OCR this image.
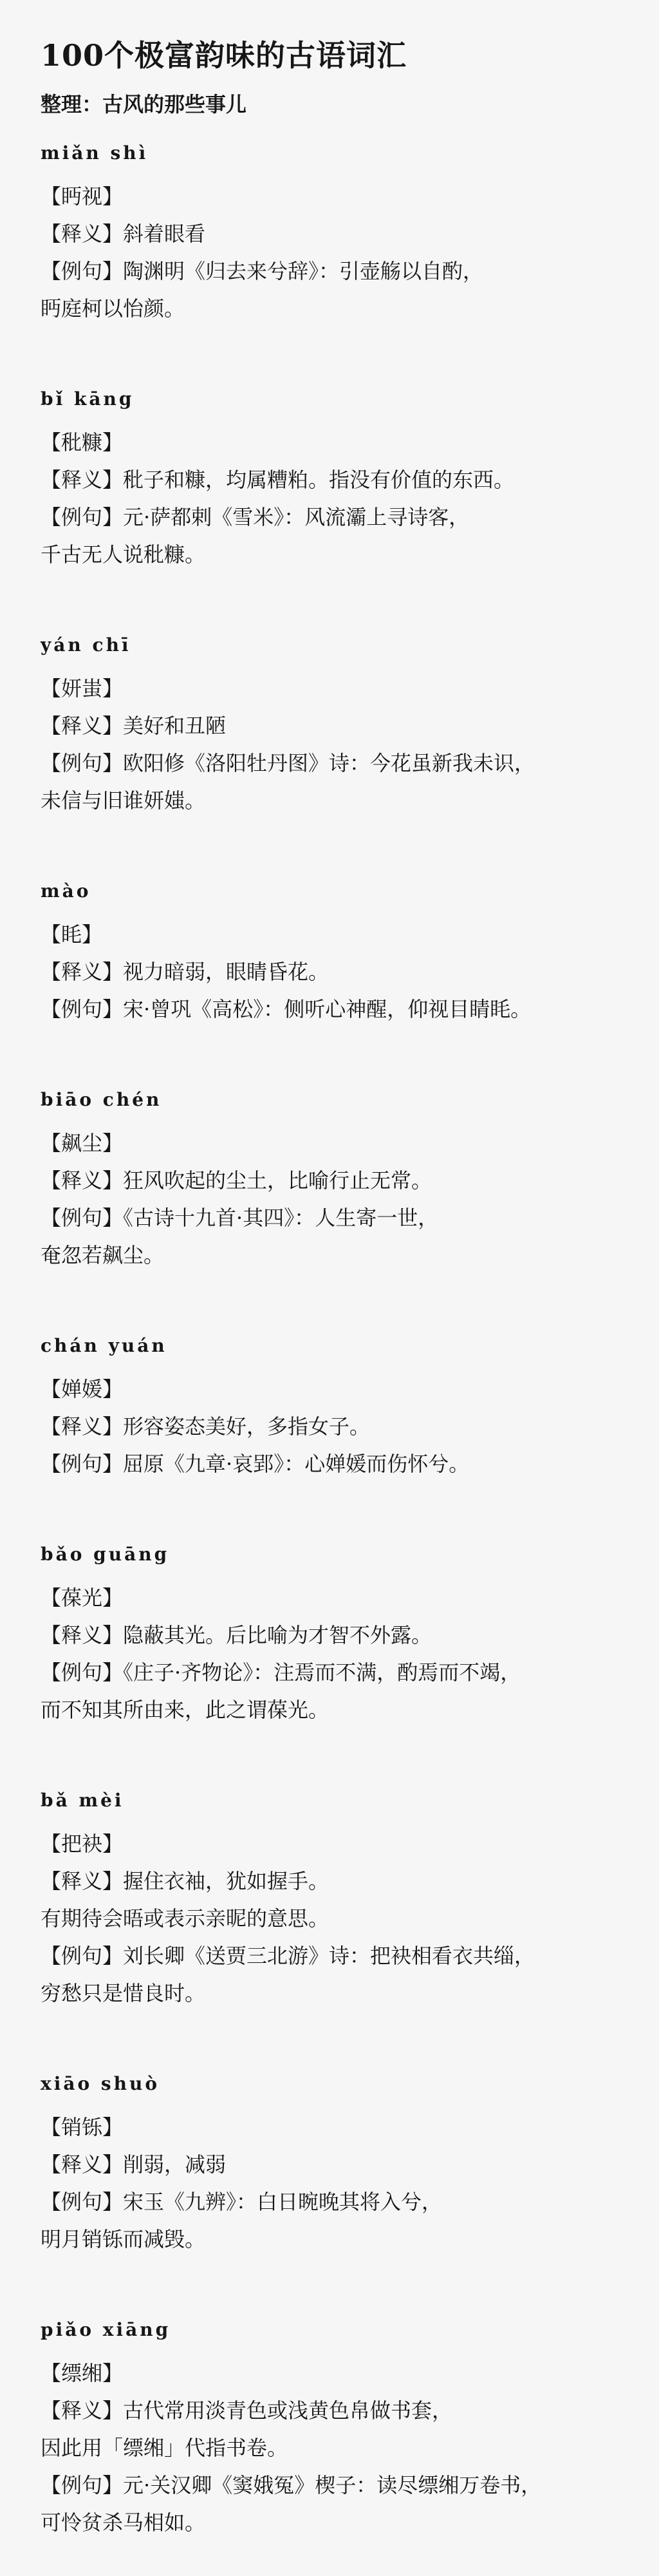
100个极富韵味的古语词汇
整理：古风的那些事儿
miǎn shì
【眄视】
【释义】斜着眼看
【例句】陶渊明《归去来兮辞》：引壶觞以自酌，
眄庭柯以怡颜。
bǐ kāng
【秕糠】
【释义】秕子和糠，均属糟粕。指没有价值的东西。
【例句】元·萨都剌《雪米》：风流灞上寻诗客，
千古无人说秕糠。
yán chī
【妍蚩】
【释义】美好和丑陋
【例句】欧阳修《洛阳牡丹图》诗：今花虽新我未识，
未信与旧谁妍媸。
mào
【眊】
【释义】视力暗弱，眼睛昏花。
【例句】宋·曾巩《高松》：侧听心神醒，仰视目睛眊。
biāo chén
【飙尘】
【释义】狂风吹起的尘土，比喻行止无常。
【例句】《古诗十九首·其四》：人生寄一世，
奄忽若飙尘。
chán yuán
【婵媛】
【释义】形容姿态美好，多指女子。
【例句】屈原《九章·哀郢》：心婵媛而伤怀兮。
bǎo guāng
【葆光】
【释义】隐蔽其光。后比喻为才智不外露。
【例句】《庄子·齐物论》：注焉而不满，酌焉而不竭，
而不知其所由来，此之谓葆光。
bǎ mèi
【把袂】
【释义】握住衣袖，犹如握手。
有期待会晤或表示亲昵的意思。
【例句】刘长卿《送贾三北游》诗：把袂相看衣共缁，
穷愁只是惜良时。
xiāo shuò
【销铄】
【释义】削弱，减弱
【例句】宋玉《九辨》：白日晼晚其将入兮，
明月销铄而减毁。
piǎo xiāng
【缥缃】
【释义】古代常用淡青色或浅黄色帛做书套，
因此用「缥缃」代指书卷。
【例句】元·关汉卿《窦娥冤》楔子：读尽缥缃万卷书，
可怜贫杀马相如。
